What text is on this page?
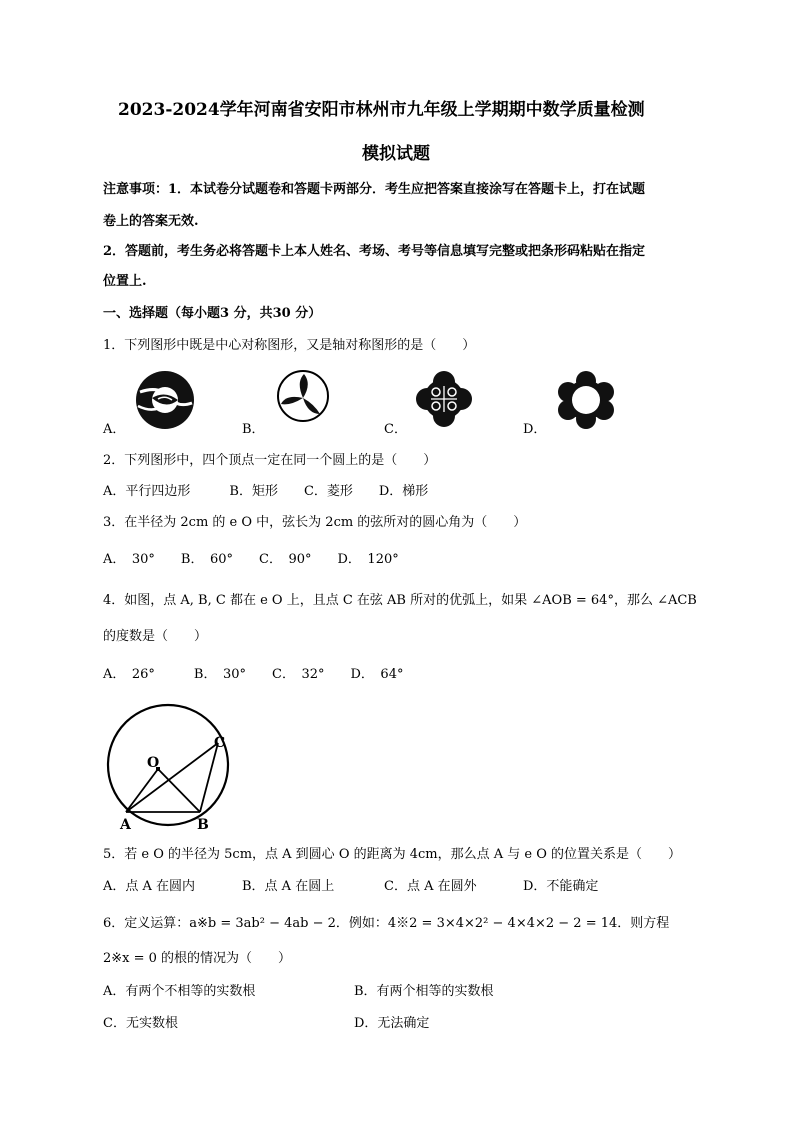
2023-2024学年河南省安阳市林州市九年级上学期期中数学质量检测
模拟试题
注意事项：1．本试卷分试题卷和答题卡两部分．考生应把答案直接涂写在答题卡上，打在试题
卷上的答案无效.
2．答题前，考生务必将答题卡上本人姓名、考场、考号等信息填写完整或把条形码粘贴在指定
位置上.
一、选择题（每小题3 分，共30 分）
1．下列图形中既是中心对称图形，又是轴对称图形的是（　　）
A．	B．	C．	D．
2．下列图形中，四个顶点一定在同一个圆上的是（　　）
A．平行四边形　　　B．矩形　　C．菱形　　D．梯形
3．在半径为 2cm 的 e O 中，弦长为 2cm 的弦所对的圆心角为（　　）
A．　30°　　B．　60°　　C．　90°　　D．　120°
4．如图，点 A, B, C 都在 e O 上，且点 C 在弦 AB 所对的优弧上，如果 ∠AOB = 64°，那么 ∠ACB
的度数是（　　）
A．　26°　　　B．　30°　　C．　32°　　D．　64°
O
A	B
C
5．若 e O 的半径为 5cm，点 A 到圆心 O 的距离为 4cm，那么点 A 与 e O 的位置关系是（　　）
A．点 A 在圆内	B．点 A 在圆上	C．点 A 在圆外	D．不能确定
6．定义运算：a※b = 3ab² − 4ab − 2．例如：4※2 = 3×4×2² − 4×4×2 − 2 = 14．则方程
2※x = 0 的根的情况为（　　）
A．有两个不相等的实数根	B．有两个相等的实数根
C．无实数根	D．无法确定
